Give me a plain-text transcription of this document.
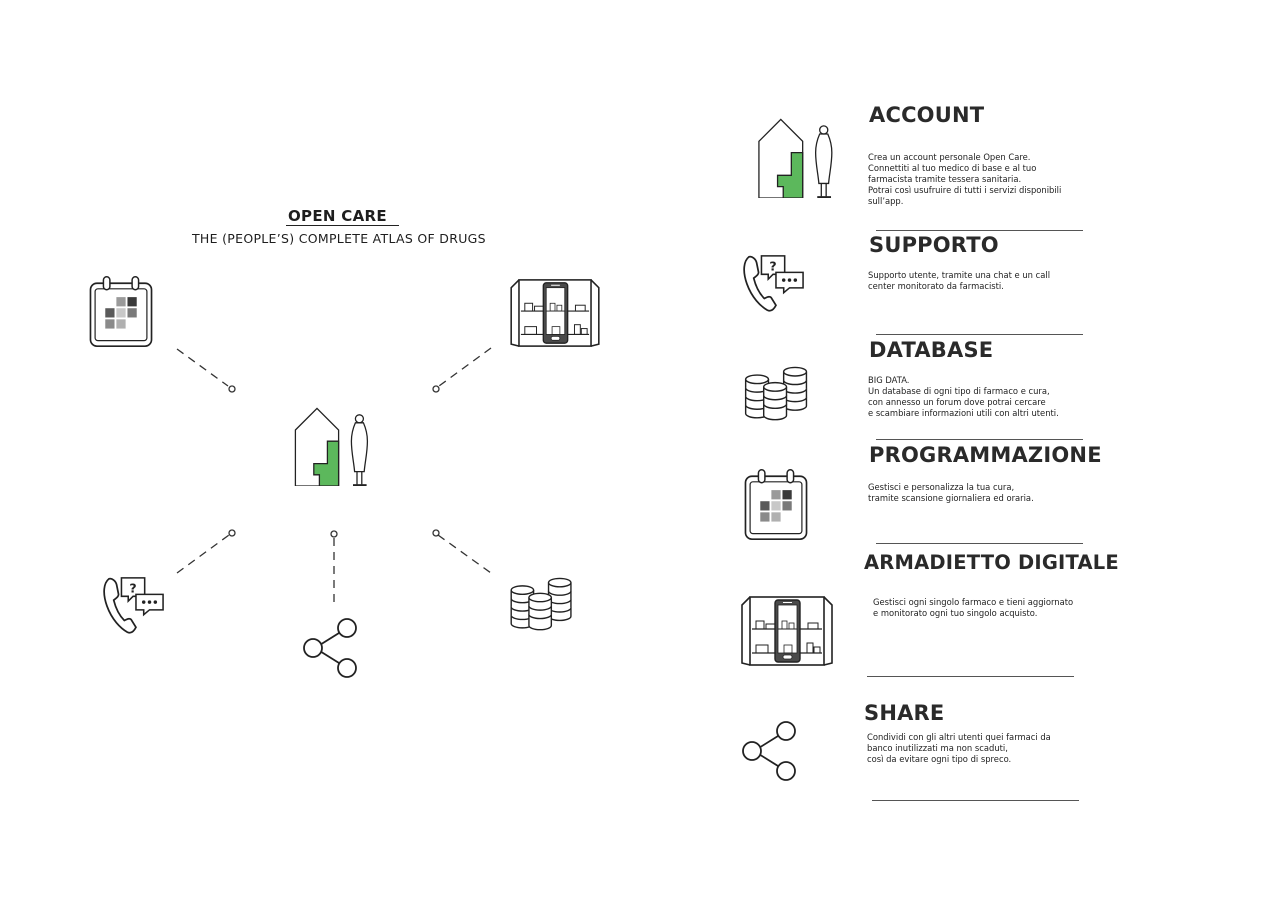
OPEN CARE
THE (PEOPLE’S) COMPLETE ATLAS OF DRUGS
ACCOUNT
Crea un account personale Open Care.
Connettiti al tuo medico di base e al tuo
farmacista tramite tessera sanitaria.
Potrai così usufruire di tutti i servizi disponibili
sull’app.
SUPPORTO
Supporto utente, tramite una chat e un call
center monitorato da farmacisti.
DATABASE
BIG DATA.
Un database di ogni tipo di farmaco e cura,
con annesso un forum dove potrai cercare
e scambiare informazioni utili con altri utenti.
PROGRAMMAZIONE
Gestisci e personalizza la tua cura,
tramite scansione giornaliera ed oraria.
ARMADIETTO DIGITALE
Gestisci ogni singolo farmaco e tieni aggiornato
e monitorato ogni tuo singolo acquisto.
SHARE
Condividi con gli altri utenti quei farmaci da
banco inutilizzati ma non scaduti,
così da evitare ogni tipo di spreco.
